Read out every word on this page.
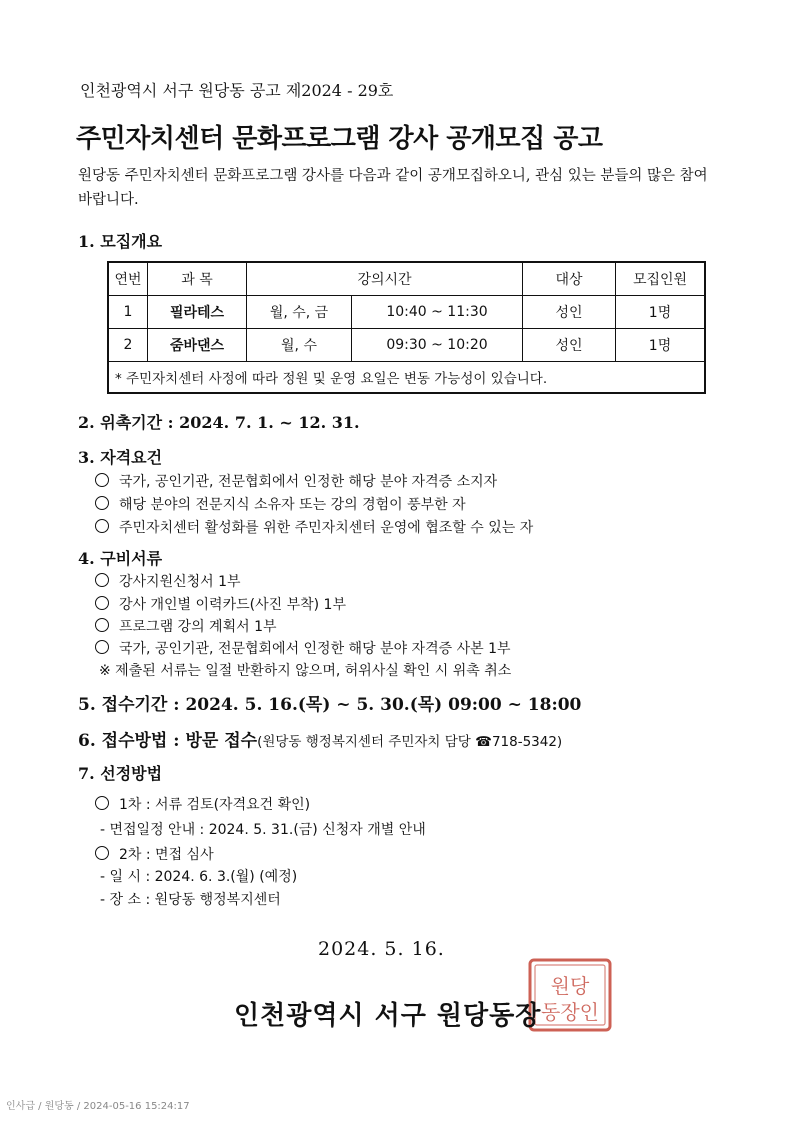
인천광역시 서구 원당동 공고 제2024 - 29호
주민자치센터 문화프로그램 강사 공개모집 공고
원당동 주민자치센터 문화프로그램 강사를 다음과 같이 공개모집하오니, 관심 있는 분들의 많은 참여 바랍니다.
1. 모집개요
연번	과 목	강의시간		대상	모집인원
1	필라테스	월, 수, 금	10:40 ~ 11:30	성인	1명
2	줌바댄스	월, 수	09:30 ~ 10:20	성인	1명
* 주민자치센터 사정에 따라 정원 및 운영 요일은 변동 가능성이 있습니다.					
2. 위촉기간 : 2024. 7. 1. ~ 12. 31.
3. 자격요건
국가, 공인기관, 전문협회에서 인정한 해당 분야 자격증 소지자
해당 분야의 전문지식 소유자 또는 강의 경험이 풍부한 자
주민자치센터 활성화를 위한 주민자치센터 운영에 협조할 수 있는 자
4. 구비서류
강사지원신청서 1부
강사 개인별 이력카드(사진 부착) 1부
프로그램 강의 계획서 1부
국가, 공인기관, 전문협회에서 인정한 해당 분야 자격증 사본 1부
※ 제출된 서류는 일절 반환하지 않으며, 허위사실 확인 시 위촉 취소
5. 접수기간 : 2024. 5. 16.(목) ~ 5. 30.(목) 09:00 ~ 18:00
6. 접수방법 : 방문 접수(원당동 행정복지센터 주민자치 담당 ☎718-5342)
7. 선정방법
1차 : 서류 검토(자격요건 확인)
- 면접일정 안내 : 2024. 5. 31.(금) 신청자 개별 안내
2차 : 면접 심사
- 일 시 : 2024. 6. 3.(월) (예정)
- 장 소 : 원당동 행정복지센터
2024. 5. 16.
원당
동장인
인천광역시 서구 원당동장
인사급 / 원당동 / 2024-05-16 15:24:17
